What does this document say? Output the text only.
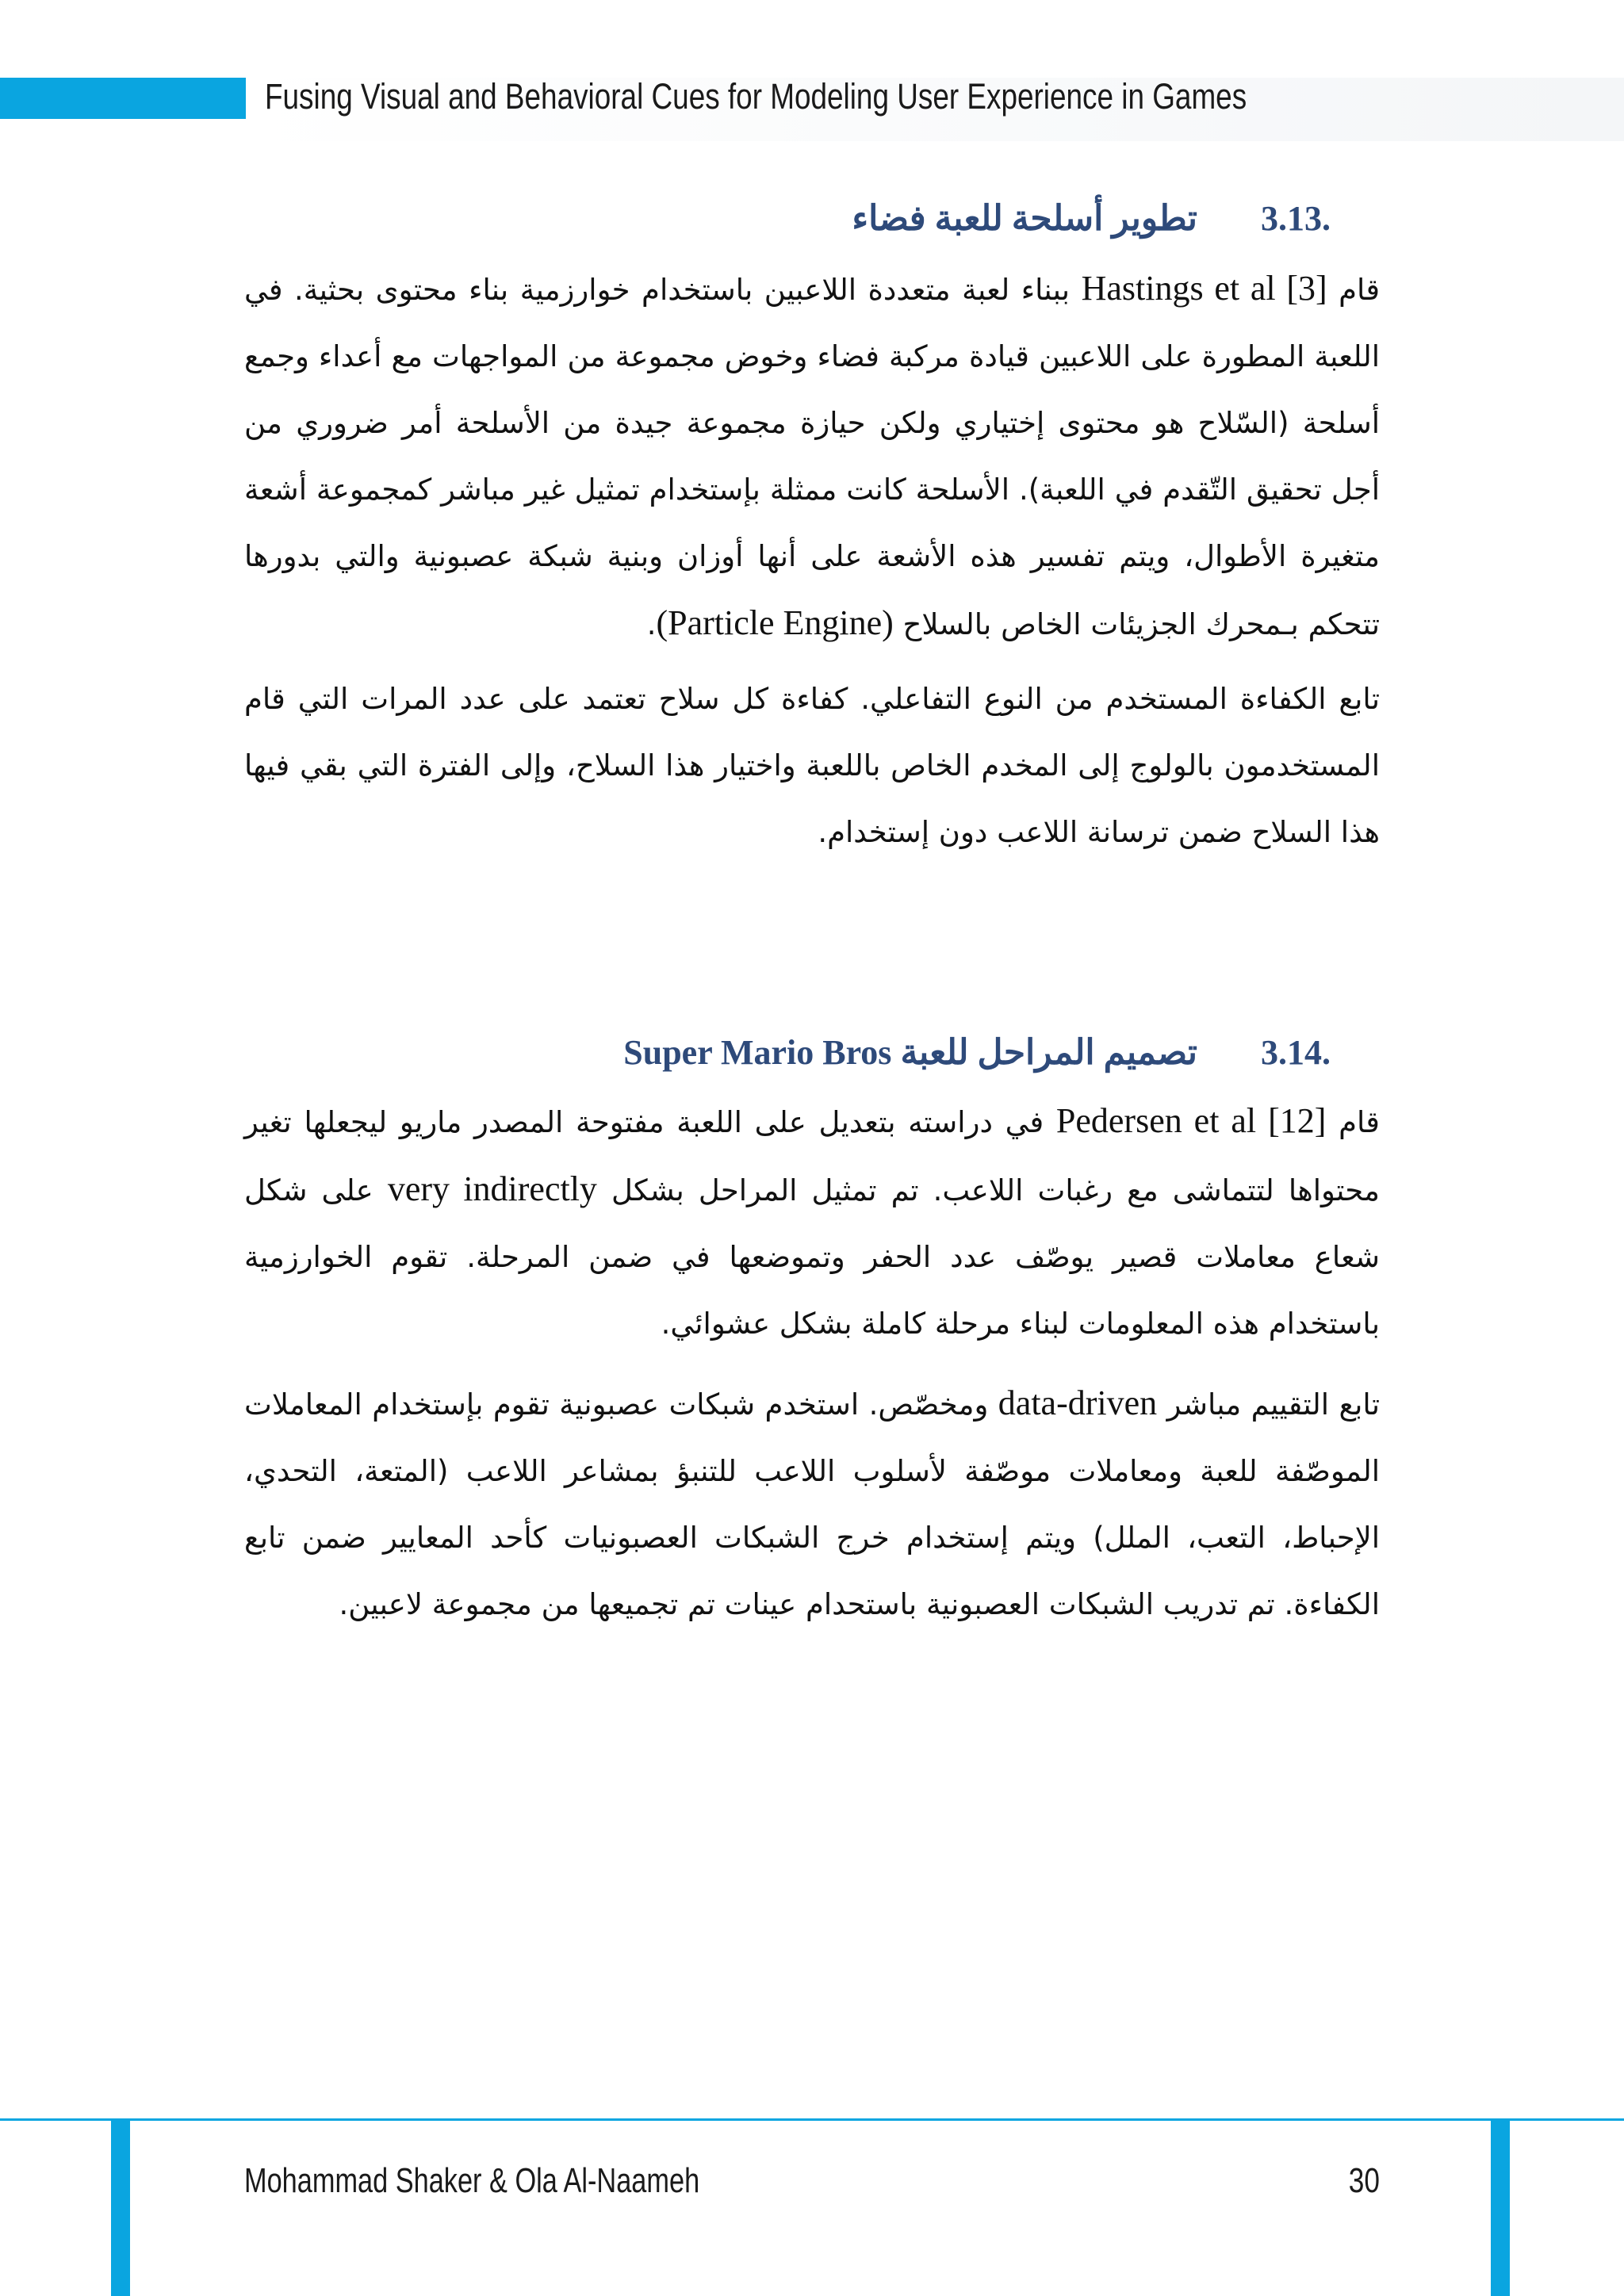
Fusing Visual and Behavioral Cues for Modeling User Experience in Games
3.13.تطوير أسلحة للعبة فضاء
قام Hastings et al [3] ببناء لعبة متعددة اللاعبين باستخدام خوارزمية بناء محتوى بحثية. في اللعبة المطورة على اللاعبين قيادة مركبة فضاء وخوض مجموعة من المواجهات مع أعداء وجمع أسلحة (السّلاح هو محتوى إختياري ولكن حيازة مجموعة جيدة من الأسلحة أمر ضروري من أجل تحقيق التّقدم في اللعبة). الأسلحة كانت ممثلة بإستخدام تمثيل غير مباشر كمجموعة أشعة متغيرة الأطوال، ويتم تفسير هذه الأشعة على أنها أوزان وبنية شبكة عصبونية والتي بدورها تتحكم بـمحرك الجزيئات الخاص بالسلاح (Particle Engine).
تابع الكفاءة المستخدم من النوع التفاعلي. كفاءة كل سلاح تعتمد على عدد المرات التي قام المستخدمون بالولوج إلى المخدم الخاص باللعبة واختيار هذا السلاح، وإلى الفترة التي بقي فيها هذا السلاح ضمن ترسانة اللاعب دون إستخدام.
3.14.تصميم المراحل للعبة Super Mario Bros
قام Pedersen et al [12] في دراسته بتعديل على اللعبة مفتوحة المصدر ماريو ليجعلها تغير محتواها لتتماشى مع رغبات اللاعب. تم تمثيل المراحل بشكل very indirectly على شكل شعاع معاملات قصير يوصّف عدد الحفر وتموضعها في ضمن المرحلة. تقوم الخوارزمية باستخدام هذه المعلومات لبناء مرحلة كاملة بشكل عشوائي.
تابع التقييم مباشر data-driven ومخصّص. استخدم شبكات عصبونية تقوم بإستخدام المعاملات الموصّفة للعبة ومعاملات موصّفة لأسلوب اللاعب للتنبؤ بمشاعر اللاعب (المتعة، التحدي، الإحباط، التعب، الملل) ويتم إستخدام خرج الشبكات العصبونيات كأحد المعايير ضمن تابع الكفاءة. تم تدريب الشبكات العصبونية باستحدام عينات تم تجميعها من مجموعة لاعبين.
Mohammad Shaker & Ola Al-Naameh	30
